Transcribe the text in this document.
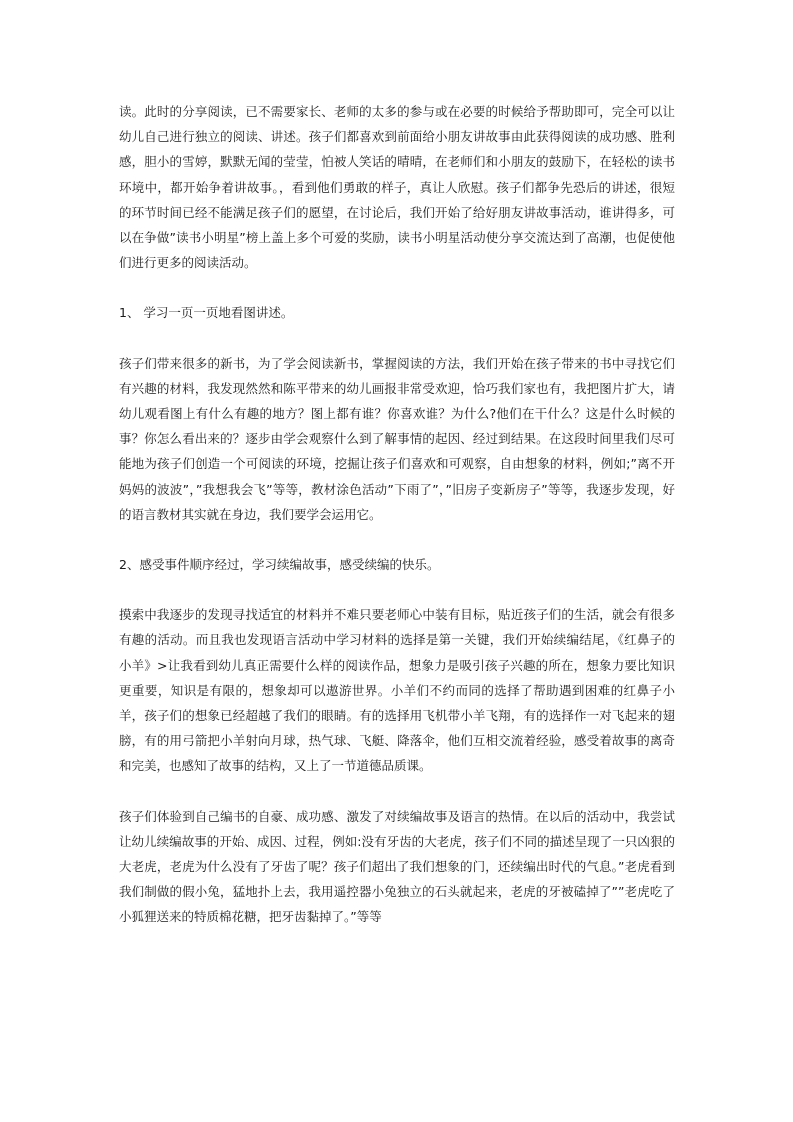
读。此时的分享阅读，已不需要家长、老师的太多的参与或在必要的时候给予帮助即可，完全可以让幼儿自己进行独立的阅读、讲述。孩子们都喜欢到前面给小朋友讲故事由此获得阅读的成功感、胜利感，胆小的雪婷，默默无闻的莹莹，怕被人笑话的晴晴，在老师们和小朋友的鼓励下，在轻松的读书环境中，都开始争着讲故事。，看到他们勇敢的样子，真让人欣慰。孩子们都争先恐后的讲述，很短的环节时间已经不能满足孩子们的愿望，在讨论后，我们开始了给好朋友讲故事活动，谁讲得多，可以在争做”读书小明星”榜上盖上多个可爱的奖励，读书小明星活动使分享交流达到了高潮，也促使他们进行更多的阅读活动。

1、 学习一页一页地看图讲述。

孩子们带来很多的新书，为了学会阅读新书，掌握阅读的方法，我们开始在孩子带来的书中寻找它们有兴趣的材料，我发现然然和陈平带来的幼儿画报非常受欢迎，恰巧我们家也有，我把图片扩大，请幼儿观看图上有什么有趣的地方？图上都有谁？你喜欢谁？为什么?他们在干什么？这是什么时候的事？你怎么看出来的？逐步由学会观察什么到了解事情的起因、经过到结果。在这段时间里我们尽可能地为孩子们创造一个可阅读的环境，挖掘让孩子们喜欢和可观察，自由想象的材料，例如;”离不开妈妈的波波”，”我想我会飞”等等，教材涂色活动”下雨了”，”旧房子变新房子”等等，我逐步发现，好的语言教材其实就在身边，我们要学会运用它。

2、感受事件顺序经过，学习续编故事，感受续编的快乐。

摸索中我逐步的发现寻找适宜的材料并不难只要老师心中装有目标，贴近孩子们的生活，就会有很多有趣的活动。而且我也发现语言活动中学习材料的选择是第一关键，我们开始续编结尾，《红鼻子的小羊》>让我看到幼儿真正需要什么样的阅读作品，想象力是吸引孩子兴趣的所在，想象力要比知识更重要，知识是有限的，想象却可以遨游世界。小羊们不约而同的选择了帮助遇到困难的红鼻子小羊，孩子们的想象已经超越了我们的眼睛。有的选择用飞机带小羊飞翔，有的选择作一对飞起来的翅膀，有的用弓箭把小羊射向月球，热气球、飞艇、降落伞，他们互相交流着经验，感受着故事的离奇和完美，也感知了故事的结构，又上了一节道德品质课。

孩子们体验到自己编书的自豪、成功感、激发了对续编故事及语言的热情。在以后的活动中，我尝试让幼儿续编故事的开始、成因、过程，例如:没有牙齿的大老虎，孩子们不同的描述呈现了一只凶狠的大老虎，老虎为什么没有了牙齿了呢？孩子们超出了我们想象的门，还续编出时代的气息。”老虎看到我们制做的假小兔，猛地扑上去，我用遥控器小兔独立的石头就起来，老虎的牙被磕掉了””老虎吃了小狐狸送来的特质棉花糖，把牙齿黏掉了。”等等
